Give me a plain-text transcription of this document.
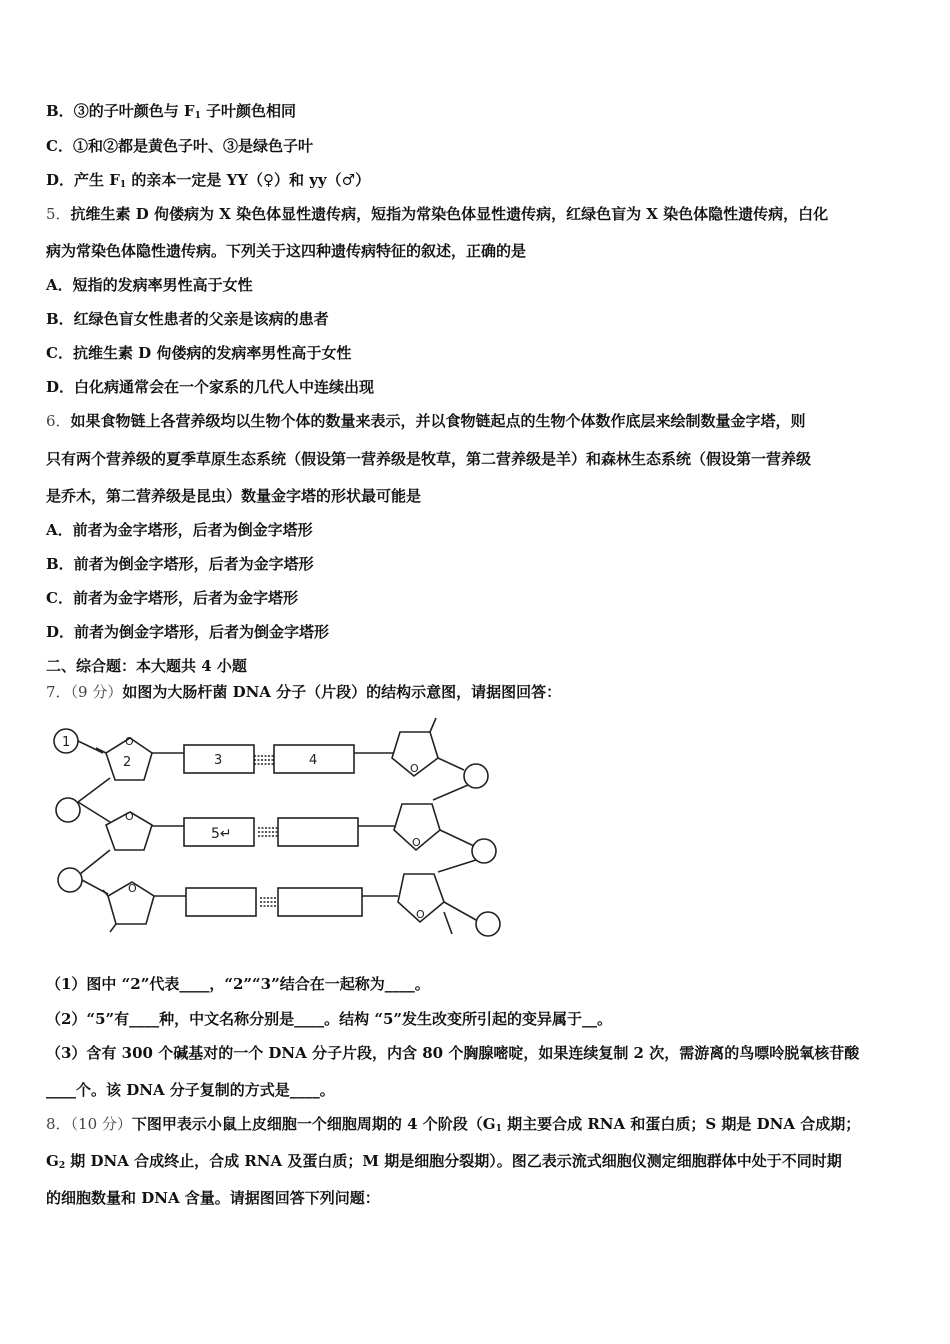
B．③的子叶颜色与 $F_1$ 子叶颜色相同
C．①和②都是黄色子叶、③是绿色子叶
D．产生 $F_1$ 的亲本一定是 YY（♀）和 yy（♂）
5．抗维生素 D 佝偻病为 X 染色体显性遗传病，短指为常染色体显性遗传病，红绿色盲为 X 染色体隐性遗传病，白化
病为常染色体隐性遗传病。下列关于这四种遗传病特征的叙述，正确的是
A．短指的发病率男性高于女性
B．红绿色盲女性患者的父亲是该病的患者
C．抗维生素 D 佝偻病的发病率男性高于女性
D．白化病通常会在一个家系的几代人中连续出现
6．如果食物链上各营养级均以生物个体的数量来表示，并以食物链起点的生物个体数作底层来绘制数量金字塔，则
只有两个营养级的夏季草原生态系统（假设第一营养级是牧草，第二营养级是羊）和森林生态系统（假设第一营养级
是乔木，第二营养级是昆虫）数量金字塔的形状最可能是
A．前者为金字塔形，后者为倒金字塔形
B．前者为倒金字塔形，后者为金字塔形
C．前者为金字塔形，后者为金字塔形
D．前者为倒金字塔形，后者为倒金字塔形
二、综合题：本大题共 4 小题
7．（9 分）如图为大肠杆菌 DNA 分子（片段）的结构示意图，请据图回答：
1
2	3	4
5↵
O
O
O
O
O
O
（1）图中 “2”代表____，“2”“3”结合在一起称为____。
（2）“5”有____种，中文名称分别是____。结构 “5”发生改变所引起的变异属于__。
（3）含有 300 个碱基对的一个 DNA 分子片段，内含 80 个胸腺嘧啶，如果连续复制 2 次，需游离的鸟嘌呤脱氧核苷酸
____个。该 DNA 分子复制的方式是____。
8．（10 分）下图甲表示小鼠上皮细胞一个细胞周期的 4 个阶段（$G_1$ 期主要合成 RNA 和蛋白质；S 期是 DNA 合成期；
$G_2$ 期 DNA 合成终止，合成 RNA 及蛋白质；M 期是细胞分裂期）。图乙表示流式细胞仪测定细胞群体中处于不同时期
的细胞数量和 DNA 含量。请据图回答下列问题：
